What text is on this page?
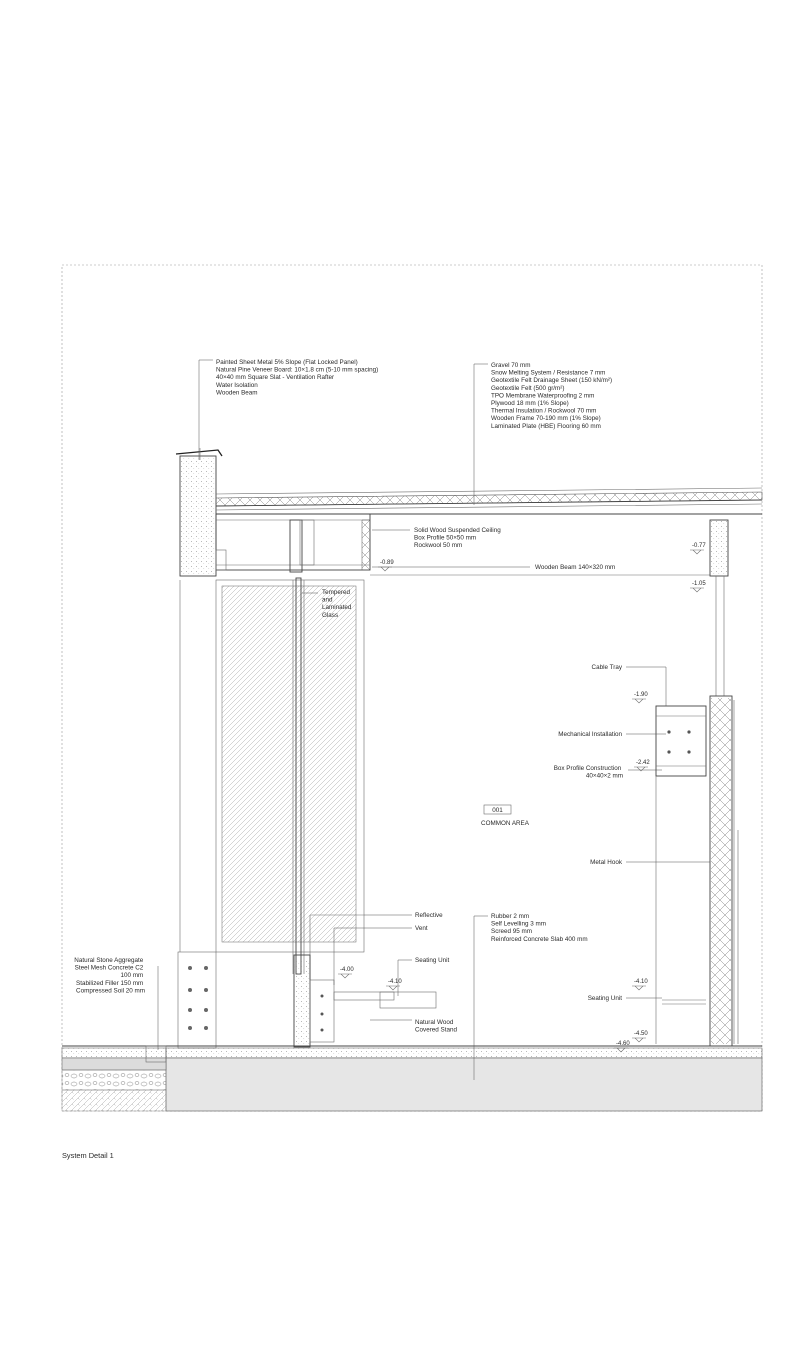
Painted Sheet Metal 5% Slope (Flat Locked Panel) Natural Pine Veneer Board: 10×1.8 cm (5-10 mm spacing) 40×40 mm Square Slat - Ventilation Rafter Water Isolation Wooden Beam
Gravel 70 mm Snow Melting System / Resistance 7 mm Geotextile Felt Drainage Sheet (150 kN/m²) Geotextile Felt (500 gr/m²) TPO Membrane Waterproofing 2 mm Plywood 18 mm (1% Slope) Thermal Insulation / Rockwool 70 mm Wooden Frame 70-190 mm (1% Slope) Laminated Plate (HBE) Flooring 60 mm
Solid Wood Suspended Ceiling Box Profile 50×50 mm Rockwool 50 mm
Wooden Beam 140×320 mm
Tempered and Laminated Glass
Cable Tray
Mechanical Installation
Box Profile Construction 40×40×2 mm
Metal Hook
001
COMMON AREA
Reflective
Vent
Seating Unit
Natural Wood Covered Stand
Rubber 2 mm Self Levelling 3 mm Screed 95 mm Reinforced Concrete Slab 400 mm
Seating Unit
Natural Stone Aggregate Steel Mesh Concrete C2 100 mm Stabilized Filler 150 mm Compressed Soil 20 mm
-0.89
-0.77
-1.05
-1.90
-2.42
-4.00
-4.10	-4.10
-4.50
-4.60
System Detail 1
